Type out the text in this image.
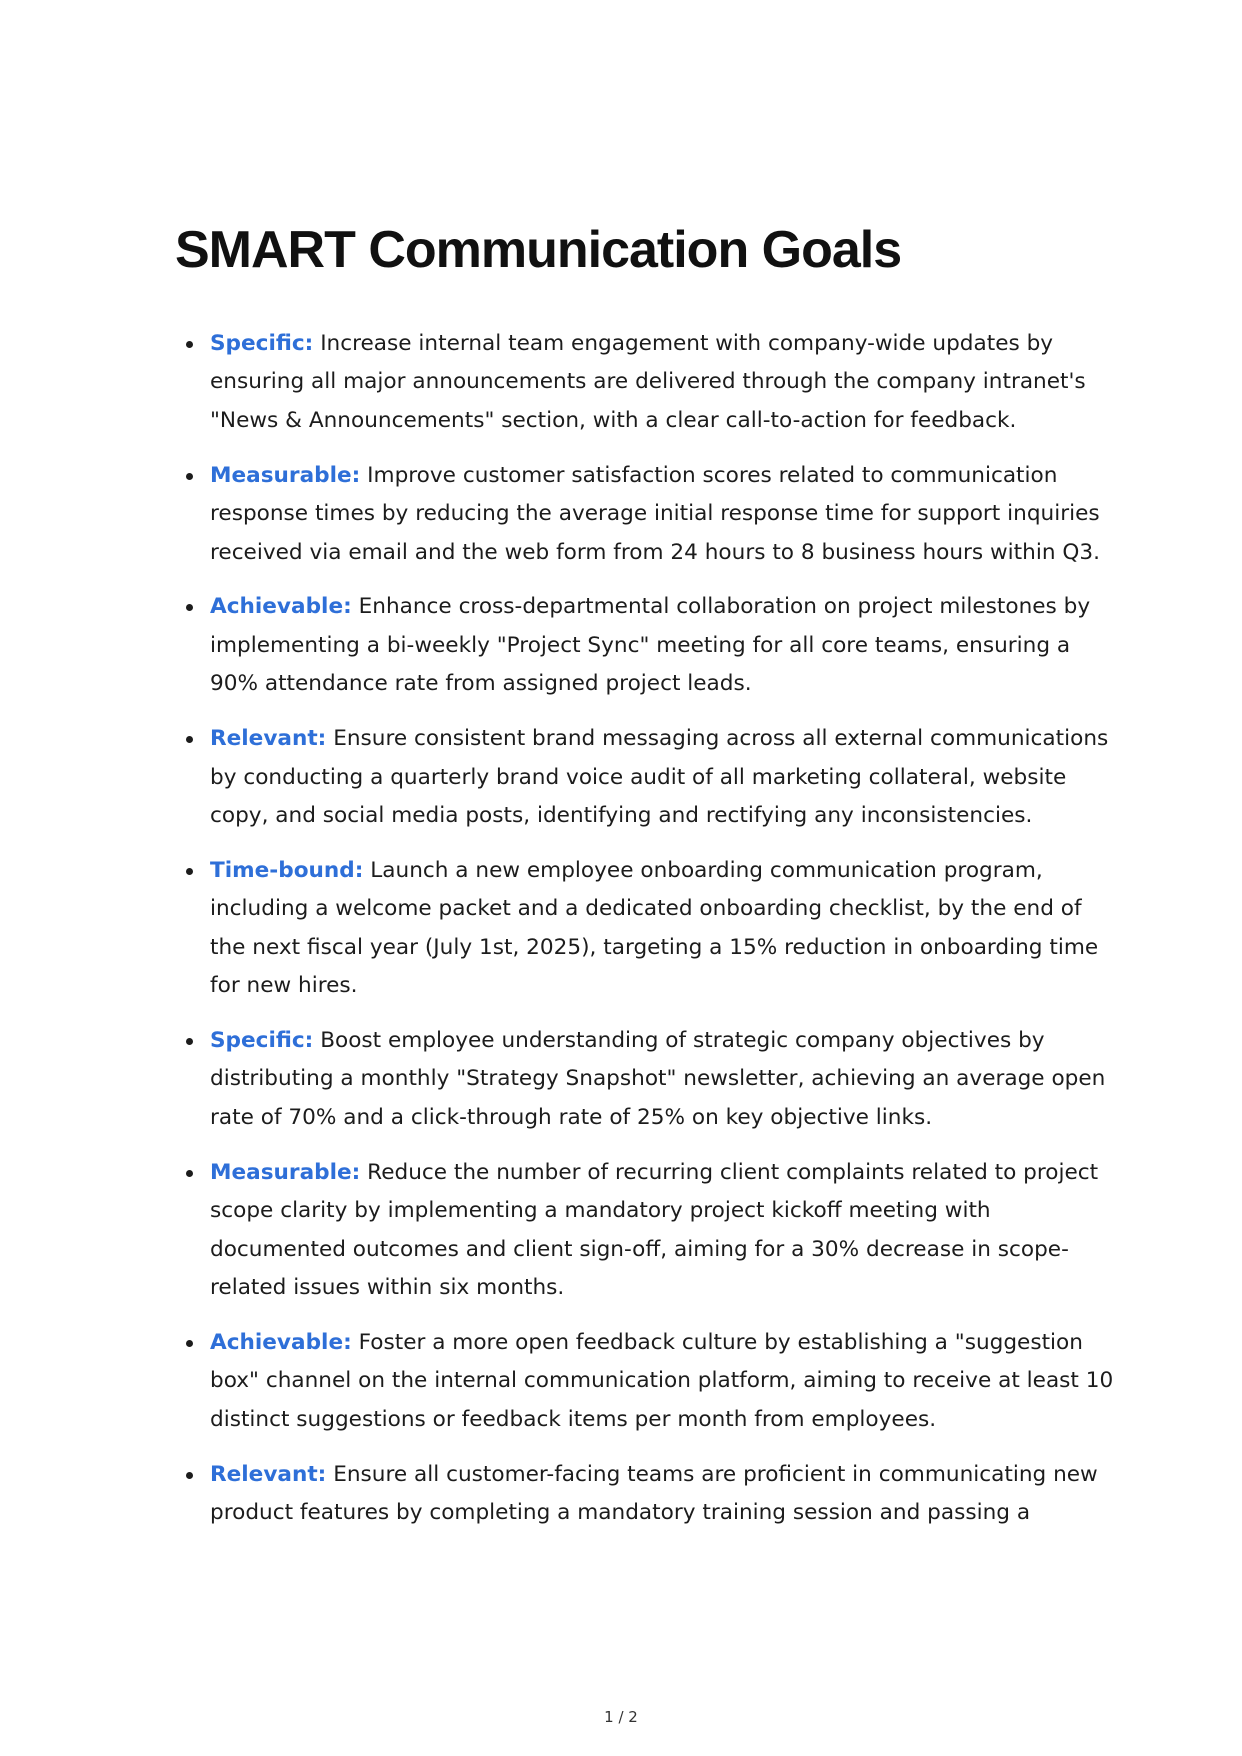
SMART Communication Goals
Specific: Increase internal team engagement with company-wide updates by ensuring all major announcements are delivered through the company intranet's "News & Announcements" section, with a clear call-to-action for feedback.
Measurable: Improve customer satisfaction scores related to communication response times by reducing the average initial response time for support inquiries received via email and the web form from 24 hours to 8 business hours within Q3.
Achievable: Enhance cross-departmental collaboration on project milestones by implementing a bi-weekly "Project Sync" meeting for all core teams, ensuring a 90% attendance rate from assigned project leads.
Relevant: Ensure consistent brand messaging across all external communications by conducting a quarterly brand voice audit of all marketing collateral, website copy, and social media posts, identifying and rectifying any inconsistencies.
Time-bound: Launch a new employee onboarding communication program, including a welcome packet and a dedicated onboarding checklist, by the end of the next fiscal year (July 1st, 2025), targeting a 15% reduction in onboarding time for new hires.
Specific: Boost employee understanding of strategic company objectives by distributing a monthly "Strategy Snapshot" newsletter, achieving an average open rate of 70% and a click-through rate of 25% on key objective links.
Measurable: Reduce the number of recurring client complaints related to project scope clarity by implementing a mandatory project kickoff meeting with documented outcomes and client sign-off, aiming for a 30% decrease in scope-related issues within six months.
Achievable: Foster a more open feedback culture by establishing a "suggestion box" channel on the internal communication platform, aiming to receive at least 10 distinct suggestions or feedback items per month from employees.
Relevant: Ensure all customer-facing teams are proficient in communicating new product features by completing a mandatory training session and passing a
1 / 2
